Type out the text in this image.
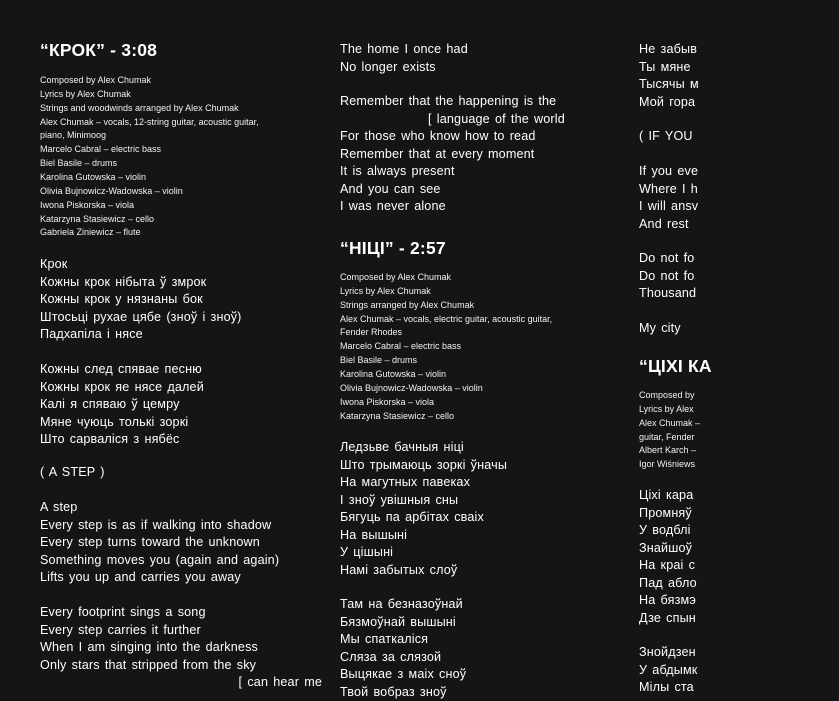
“КРОК” - 3:08
Composed by Alex Chumak
Lyrics by Alex Chumak
Strings and woodwinds arranged by Alex Chumak
Alex Chumak – vocals, 12-string guitar, acoustic guitar,
piano, Minimoog
Marcelo Cabral – electric bass
Biel Basile – drums
Karolina Gutowska – violin
Olivia Bujnowicz-Wadowska – violin
Iwona Piskorska – viola
Katarzyna Stasiewicz – cello
Gabriela Ziniewicz – flute
Крок
Кожны крок нібыта ў змрок
Кожны крок у нязнаны бок
Штосьці рухае цябе (зноў і зноў)
Падхапіла і нясе
Кожны след спявае песню
Кожны крок яе нясе далей
Калі я спяваю ў цемру
Мяне чуюць толькі зоркі
Што сарваліся з нябёс
( A STEP )
A step
Every step is as if walking into shadow
Every step turns toward the unknown
Something moves you (again and again)
Lifts you up and carries you away
Every footprint sings a song
Every step carries it further
When I am singing into the darkness
Only stars that stripped from the sky
[ can hear me
The home I once had
No longer exists
Remember that the happening is the
[ language of the world
For those who know how to read
Remember that at every moment
It is always present
And you can see
I was never alone
“НІЦІ” - 2:57
Composed by Alex Chumak
Lyrics by Alex Chumak
Strings arranged by Alex Chumak
Alex Chumak – vocals, electric guitar, acoustic guitar,
Fender Rhodes
Marcelo Cabral – electric bass
Biel Basile – drums
Karolina Gutowska – violin
Olivia Bujnowicz-Wadowska – violin
Iwona Piskorska – viola
Katarzyna Stasiewicz – cello
Ледзьве бачныя ніці
Што трымаюць зоркі ўначы
На магутных павеках
І зноў увішныя сны
Бягуць па арбітах сваіх
На вышыні
У цішыні
Намі забытых слоў
Там на безназоўнай
Бязмоўнай вышыні
Мы спаткаліся
Сляза за слязой
Выцякае з маіх сноў
Твой вобраз зноў
Не забыв
Ты мяне
Тысячы м
Мой гора
( IF YOU
If you eve
Where I h
I will ansv
And rest
Do not fo
Do not fo
Thousand
My city
“ЦІХІ КА
Composed by
Lyrics by Alex
Alex Chumak –
guitar, Fender
Albert Karch –
Igor Wiśniews
Ціхі кара
Промняў
У водблі
Знайшоў
На краі с
Пад абло
На бязмэ
Дзе спын
Знойдзен
У абдымк
Мілы ста
